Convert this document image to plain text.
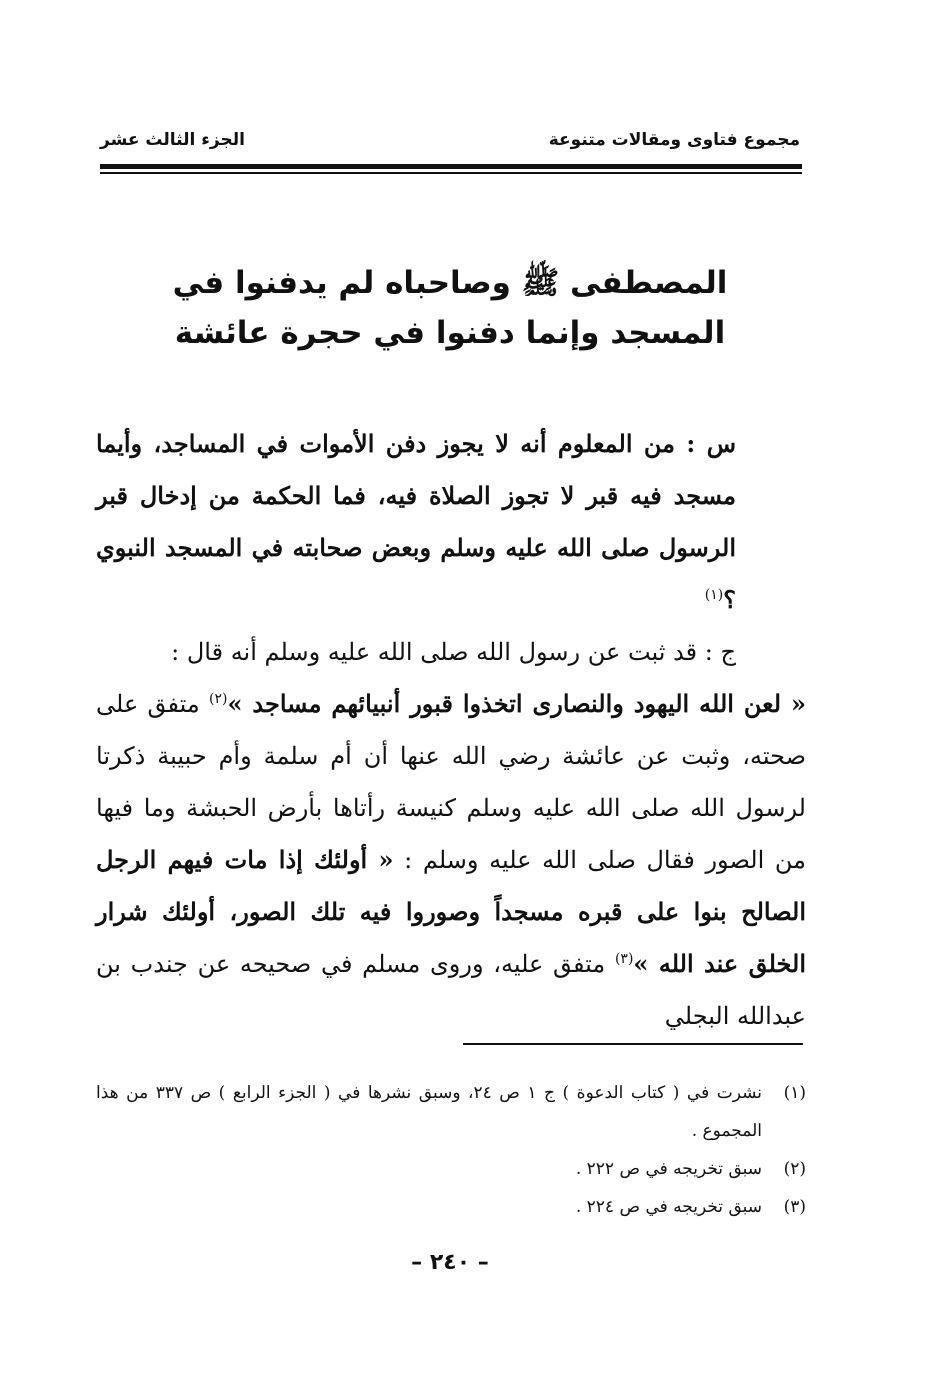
مجموع فتاوى ومقالات متنوعة
الجزء الثالث عشر
المصطفى ﷺ وصاحباه لم يدفنوا في
المسجد وإنما دفنوا في حجرة عائشة

س : من المعلوم أنه لا يجوز دفن الأموات في المساجد، وأيما مسجد فيه قبر لا تجوز الصلاة فيه، فما الحكمة من إدخال قبر الرسول صلى الله عليه وسلم وبعض صحابته في المسجد النبوي ؟$^{(١)}$

ج : قد ثبت عن رسول الله صلى الله عليه وسلم أنه قال :

« لعن الله اليهود والنصارى اتخذوا قبور أنبيائهم مساجد »$^{(٢)}$ متفق على صحته، وثبت عن عائشة رضي الله عنها أن أم سلمة وأم حبيبة ذكرتا لرسول الله صلى الله عليه وسلم كنيسة رأتاها بأرض الحبشة وما فيها من الصور فقال صلى الله عليه وسلم : « أولئك إذا مات فيهم الرجل الصالح بنوا على قبره مسجداً وصوروا فيه تلك الصور، أولئك شرار الخلق عند الله »$^{(٣)}$ متفق عليه، وروى مسلم في صحيحه عن جندب بن عبدالله البجلي

(١)
نشرت في ( كتاب الدعوة ) ج ١ ص ٢٤، وسبق نشرها في ( الجزء الرابع ) ص ٣٣٧ من هذا المجموع .
(٢)
سبق تخريجه في ص ٢٢٢ .
(٣)
سبق تخريجه في ص ٢٢٤ .
– ٢٤٠ –
